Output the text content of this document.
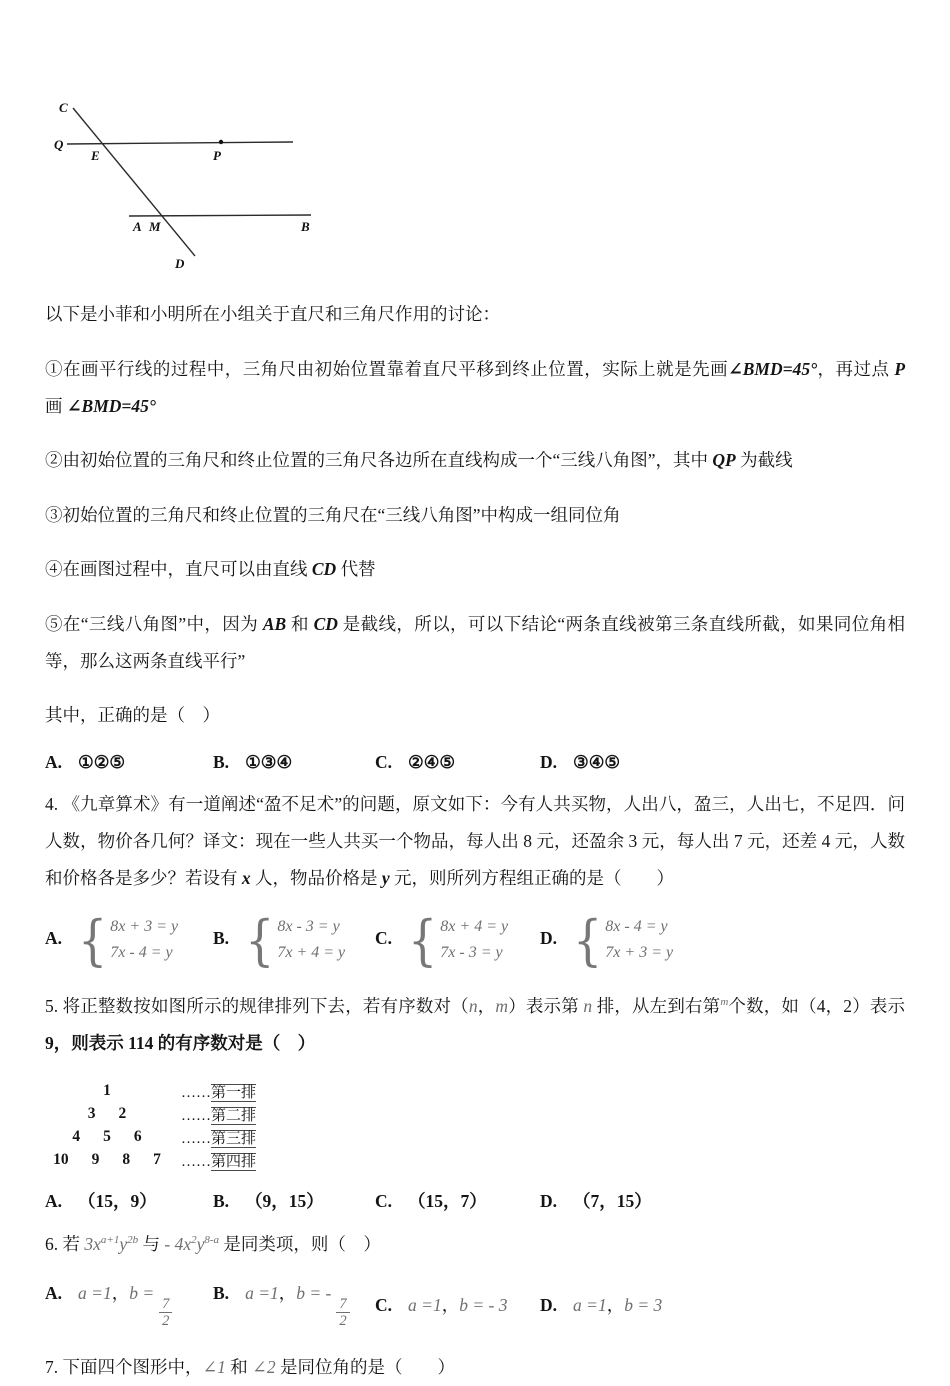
C
Q
E	P
A M	B
D

以下是小菲和小明所在小组关于直尺和三角尺作用的讨论：

①在画平行线的过程中，三角尺由初始位置靠着直尺平移到终止位置，实际上就是先画∠BMD=45°，再过点 P 画 ∠BMD=45°

②由初始位置的三角尺和终止位置的三角尺各边所在直线构成一个“三线八角图”，其中 QP 为截线

③初始位置的三角尺和终止位置的三角尺在“三线八角图”中构成一组同位角

④在画图过程中，直尺可以由直线 CD 代替

⑤在“三线八角图”中，因为 AB 和 CD 是截线，所以，可以下结论“两条直线被第三条直线所截，如果同位角相等，那么这两条直线平行”

其中，正确的是（　）

A. ①②⑤	B. ①③④	C. ②④⑤	D. ③④⑤

4. 《九章算术》有一道阐述“盈不足术”的问题，原文如下：今有人共买物，人出八，盈三，人出七，不足四．问人数，物价各几何？译文：现在一些人共买一个物品，每人出 8 元，还盈余 3 元，每人出 7 元，还差 4 元，人数和价格各是多少？若设有 x 人，物品价格是 y 元，则所列方程组正确的是（　　）

A. { 8x + 3 = y
7x - 4 = y
B. { 8x - 3 = y
7x + 4 = y
C. { 8x + 4 = y
7x - 3 = y
D. { 8x - 4 = y
7x + 3 = y

5. 将正整数按如图所示的规律排列下去，若有序数对（n，m）表示第 n 排，从左到右第$^m$个数，如（4，2）表示9，则表示 114 的有序数对是（　）

1	……第一排
3 2	……第二排
4 5 6	……第三排
10 9 8 7 ……第四排
A. （15，9）	B. （9，15）	C. （15，7）	D. （7，15）

6. 若 $3x^{a+1}y^{2b}$ 与 - $4x^2y^{8-a}$ 是同类项，则（　）

A. a =1，b =
$\frac{7}{2}$
B. a =1，b = -
$\frac{7}{2} C$. a =1，b = - 3	D. a =1，b = 3

7. 下面四个图形中，∠1 和 ∠2 是同位角的是（　　）
